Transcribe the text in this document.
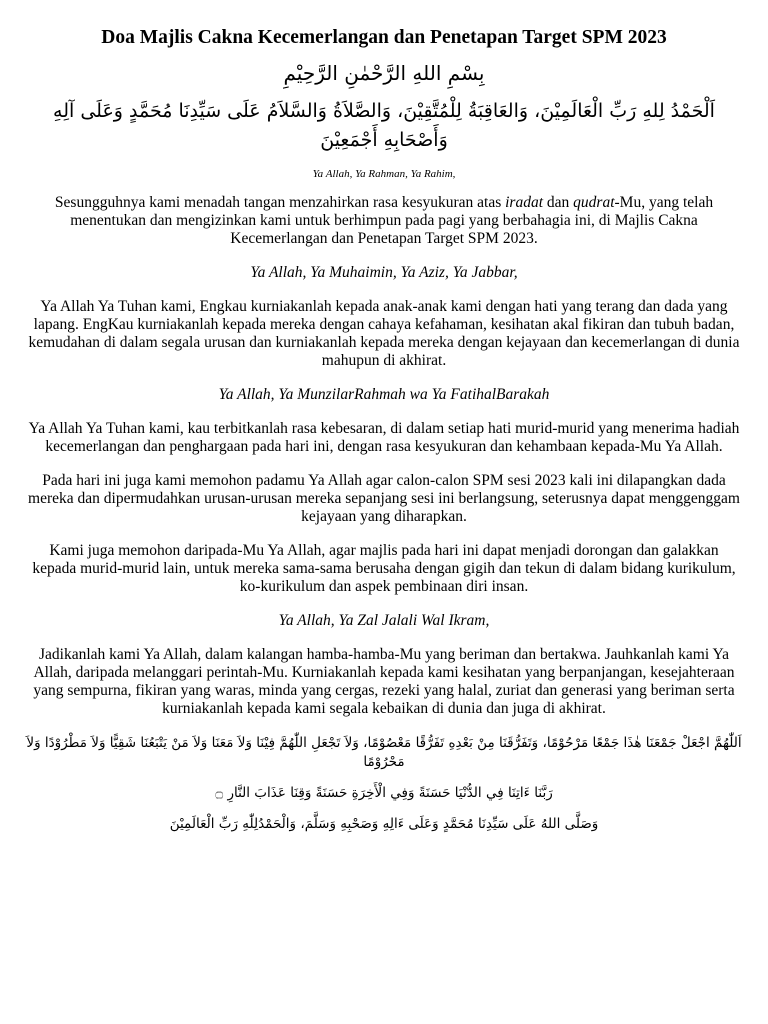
Doa Majlis Cakna Kecemerlangan dan Penetapan Target SPM 2023

بِسْمِ اللهِ الرَّحْمٰنِ الرَّحِيْمِ

اَلْحَمْدُ لِلهِ رَبِّ الْعَالَمِيْنَ، وَالعَاقِبَةُ لِلْمُتَّقِيْنَ، وَالصَّلاَةُ وَالسَّلاَمُ عَلَى سَيِّدِنَا مُحَمَّدٍ وَعَلَى آلِهِ وَأَصْحَابِهِ أَجْمَعِيْنَ

Ya Allah, Ya Rahman, Ya Rahim,

Sesungguhnya kami menadah tangan menzahirkan rasa kesyukuran atas iradat dan qudrat-Mu, yang telah menentukan dan mengizinkan kami untuk berhimpun pada pagi yang berbahagia ini, di Majlis Cakna Kecemerlangan dan Penetapan Target SPM 2023.

Ya Allah, Ya Muhaimin, Ya Aziz, Ya Jabbar,

Ya Allah Ya Tuhan kami, Engkau kurniakanlah kepada anak-anak kami dengan hati yang terang dan dada yang lapang. EngKau kurniakanlah kepada mereka dengan cahaya kefahaman, kesihatan akal fikiran dan tubuh badan, kemudahan di dalam segala urusan dan kurniakanlah kepada mereka dengan kejayaan dan kecemerlangan di dunia mahupun di akhirat.

Ya Allah, Ya MunzilarRahmah wa Ya FatihalBarakah

Ya Allah Ya Tuhan kami, kau terbitkanlah rasa kebesaran, di dalam setiap hati murid-murid yang menerima hadiah kecemerlangan dan penghargaan pada hari ini, dengan rasa kesyukuran dan kehambaan kepada-Mu Ya Allah.

Pada hari ini juga kami memohon padamu Ya Allah agar calon-calon SPM sesi 2023 kali ini dilapangkan dada mereka dan dipermudahkan urusan-urusan mereka sepanjang sesi ini berlangsung, seterusnya dapat menggenggam kejayaan yang diharapkan.

Kami juga memohon daripada-Mu Ya Allah, agar majlis pada hari ini dapat menjadi dorongan dan galakkan kepada murid-murid lain, untuk mereka sama-sama berusaha dengan gigih dan tekun di dalam bidang kurikulum, ko-kurikulum dan aspek pembinaan diri insan.

Ya Allah, Ya Zal Jalali Wal Ikram,

Jadikanlah kami Ya Allah, dalam kalangan hamba-hamba-Mu yang beriman dan bertakwa. Jauhkanlah kami Ya Allah, daripada melanggari perintah-Mu. Kurniakanlah kepada kami kesihatan yang berpanjangan, kesejahteraan yang sempurna, fikiran yang waras, minda yang cergas, rezeki yang halal, zuriat dan generasi yang beriman serta kurniakanlah kepada kami segala kebaikan di dunia dan juga di akhirat.

اَللّٰهُمَّ اجْعَلْ جَمْعَنَا هٰذَا جَمْعًا مَرْحُوْمًا، وَتَفَرُّقَنَا مِنْ بَعْدِهِ تَفَرُّقًا مَعْصُوْمًا، وَلاَ تَجْعَلِ اللّٰهُمَّ فِيْنَا وَلاَ مَعَنَا وَلاَ مَنْ يَتْبَعُنَا شَقِيًّا وَلاَ مَطْرُوْدًا وَلاَ مَحْرُوْمًا

رَبَّنَا ءَاتِنَا فِي الدُّنْيَا حَسَنَةً وَفِي الْأَخِرَةِ حَسَنَةً وَقِنَا عَذَابَ النَّارِ ۝

وَصَلَّى اللهُ عَلَى سَيِّدِنَا مُحَمَّدٍ وَعَلَى ءَالِهِ وَصَحْبِهِ وَسَلَّمَ، وَالْحَمْدُلِلّٰهِ رَبِّ الْعَالَمِيْنَ
